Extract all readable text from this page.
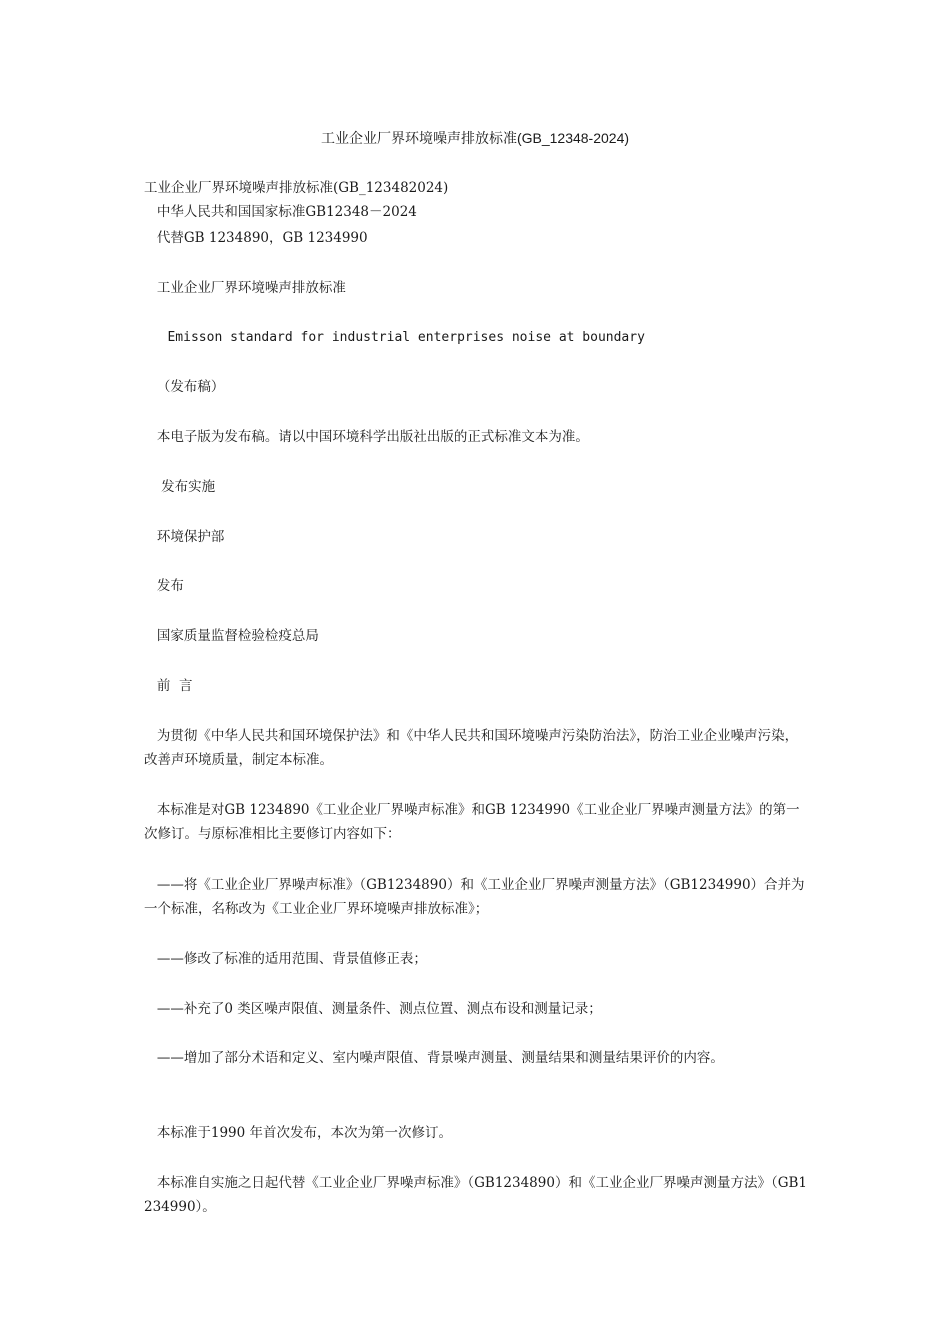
工业企业厂界环境噪声排放标准(GB_12348-2024)
工业企业厂界环境噪声排放标准(GB_123482024)
中华人民共和国国家标准GB12348－2024
代替GB 1234890，GB 1234990
工业企业厂界环境噪声排放标准
Emisson standard for industrial enterprises noise at boundary
（发布稿）
本电子版为发布稿。请以中国环境科学出版社出版的正式标准文本为准。
发布实施
环境保护部
发布
国家质量监督检验检疫总局
前  言
为贯彻《中华人民共和国环境保护法》和《中华人民共和国环境噪声污染防治法》，防治工业企业噪声污染，改善声环境质量，制定本标准。
本标准是对GB 1234890《工业企业厂界噪声标准》和GB 1234990《工业企业厂界噪声测量方法》的第一次修订。与原标准相比主要修订内容如下：
——将《工业企业厂界噪声标准》（GB1234890）和《工业企业厂界噪声测量方法》（GB1234990）合并为一个标准，名称改为《工业企业厂界环境噪声排放标准》；
——修改了标准的适用范围、背景值修正表；
——补充了0 类区噪声限值、测量条件、测点位置、测点布设和测量记录；
——增加了部分术语和定义、室内噪声限值、背景噪声测量、测量结果和测量结果评价的内容。
本标准于1990 年首次发布，本次为第一次修订。
本标准自实施之日起代替《工业企业厂界噪声标准》（GB1234890）和《工业企业厂界噪声测量方法》（GB1234990）。
